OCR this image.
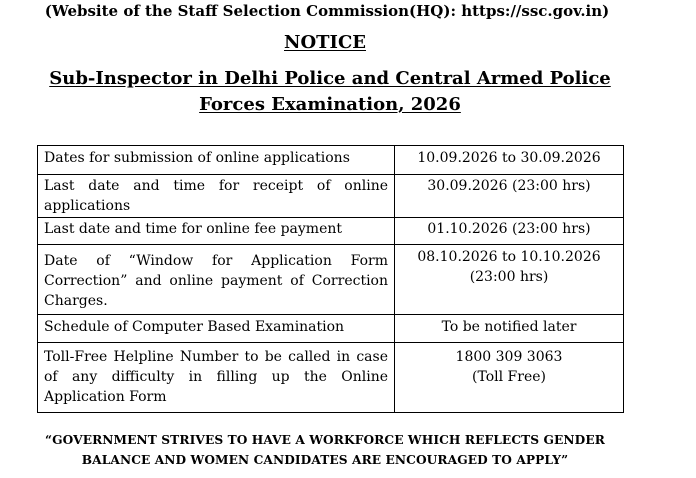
(Website of the Staff Selection Commission(HQ): https://ssc.gov.in)
NOTICE
Sub-Inspector in Delhi Police and Central Armed Police
Forces Examination, 2026
Dates for submission of online applications	10.09.2026 to 30.09.2026

Last date and time for receipt of online applications	30.09.2026 (23:00 hrs)

Last date and time for online fee payment	01.10.2026 (23:00 hrs)

Date of “Window for Application Form Correction” and online payment of Correction Charges.	08.10.2026 to 10.10.2026
(23:00 hrs)

Schedule of Computer Based Examination	To be notified later

Toll-Free Helpline Number to be called in case of any difficulty in filling up the Online Application Form	1800 309 3063
(Toll Free)
“GOVERNMENT STRIVES TO HAVE A WORKFORCE WHICH REFLECTS GENDER
BALANCE AND WOMEN CANDIDATES ARE ENCOURAGED TO APPLY”
